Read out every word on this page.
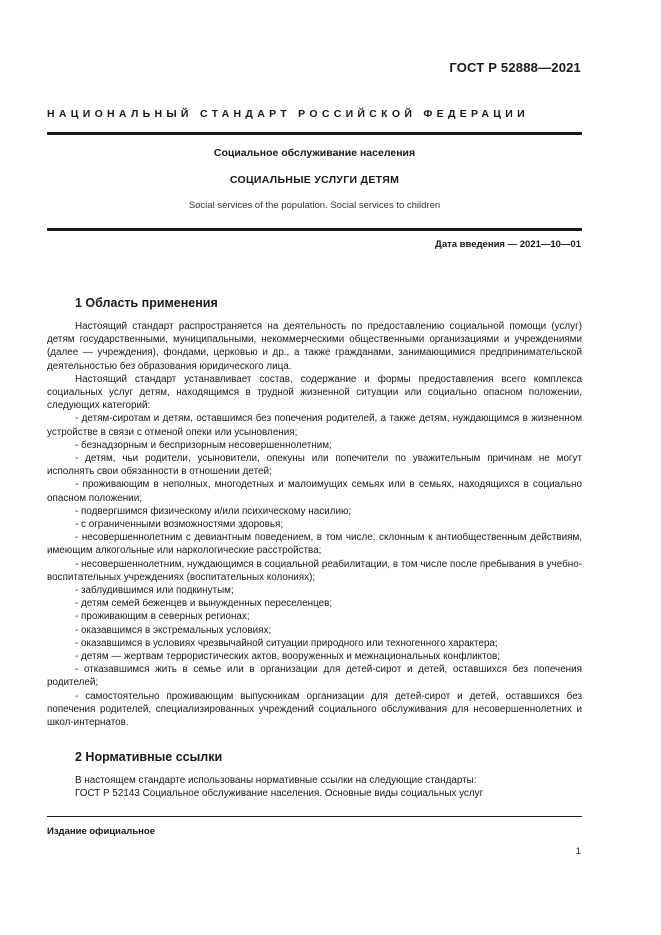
ГОСТ Р 52888—2021
НАЦИОНАЛЬНЫЙ СТАНДАРТ РОССИЙСКОЙ ФЕДЕРАЦИИ
Социальное обслуживание населения
СОЦИАЛЬНЫЕ УСЛУГИ ДЕТЯМ
Social services of the population. Social services to children
Дата введения — 2021—10—01
1 Область применения

Настоящий стандарт распространяется на деятельность по предоставлению социальной помощи (услуг) детям государственными, муниципальными, некоммерческими общественными организациями и учреждениями (далее — учреждения), фондами, церковью и др., а также гражданами, занимающимися предпринимательской деятельностью без образования юридического лица.

Настоящий стандарт устанавливает состав, содержание и формы предоставления всего комплекса социальных услуг детям, находящимся в трудной жизненной ситуации или социально опасном положении, следующих категорий:

- детям-сиротам и детям, оставшимся без попечения родителей, а также детям, нуждающимся в жизненном устройстве в связи с отменой опеки или усыновления;

- безнадзорным и беспризорным несовершеннолетним;

- детям, чьи родители, усыновители, опекуны или попечители по уважительным причинам не могут исполнять свои обязанности в отношении детей;

- проживающим в неполных, многодетных и малоимущих семьях или в семьях, находящихся в социально опасном положении;

- подвергшимся физическому и/или психическому насилию;

- с ограниченными возможностями здоровья;

- несовершеннолетним с девиантным поведением, в том числе, склонным к антиобщественным действиям, имеющим алкогольные или наркологические расстройства;

- несовершеннолетним, нуждающимся в социальной реабилитации, в том числе после пребывания в учебно-воспитательных учреждениях (воспитательных колониях);

- заблудившимся или подкинутым;

- детям семей беженцев и вынужденных переселенцев;

- проживающим в северных регионах;

- оказавшимся в экстремальных условиях;

- оказавшимся в условиях чрезвычайной ситуации природного или техногенного характера;

- детям — жертвам террористических актов, вооруженных и межнациональных конфликтов;

- отказавшимся жить в семье или в организации для детей-сирот и детей, оставшихся без попечения родителей;

- самостоятельно проживающим выпускникам организации для детей-сирот и детей, оставшихся без попечения родителей, специализированных учреждений социального обслуживания для несовершеннолетних и школ-интернатов.

2 Нормативные ссылки

В настоящем стандарте использованы нормативные ссылки на следующие стандарты:

ГОСТ Р 52143 Социальное обслуживание населения. Основные виды социальных услуг

Издание официальное
1
